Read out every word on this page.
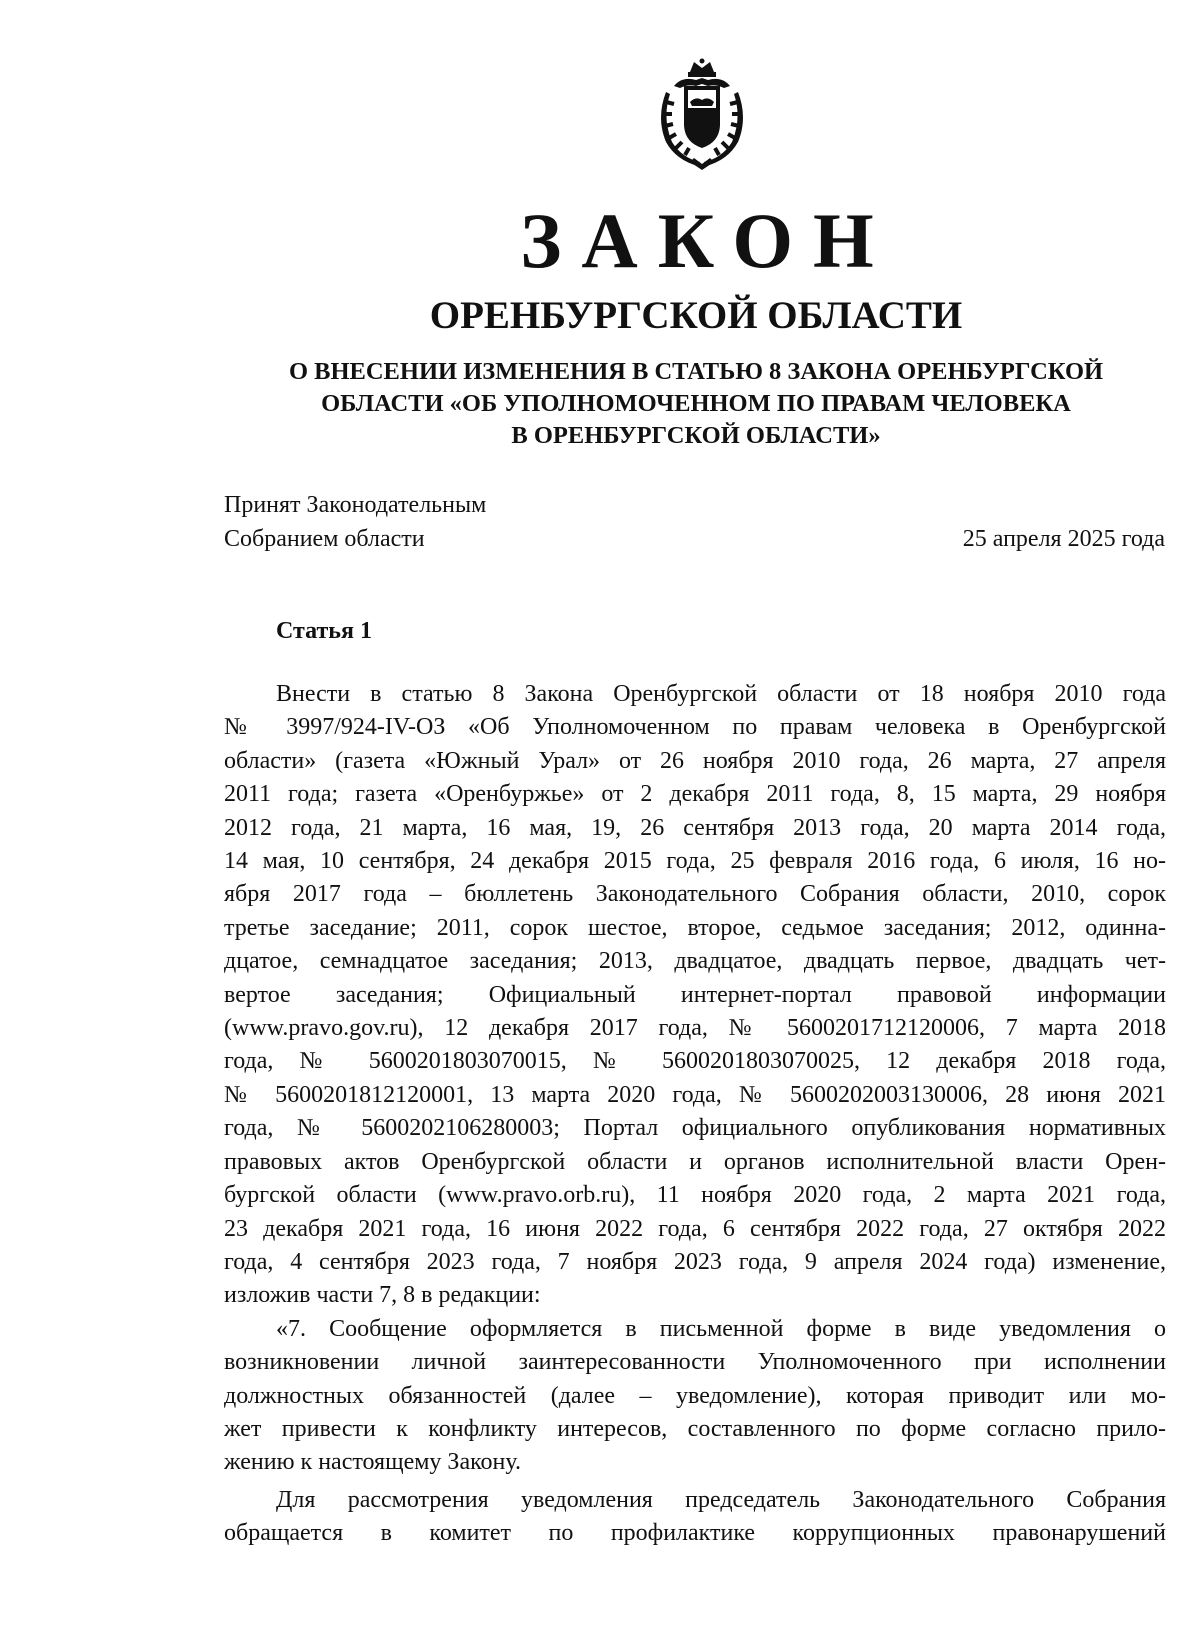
ЗАКОН
ОРЕНБУРГСКОЙ ОБЛАСТИ
О ВНЕСЕНИИ ИЗМЕНЕНИЯ В СТАТЬЮ 8 ЗАКОНА ОРЕНБУРГСКОЙ
ОБЛАСТИ «ОБ УПОЛНОМОЧЕННОМ ПО ПРАВАМ ЧЕЛОВЕКА
В ОРЕНБУРГСКОЙ ОБЛАСТИ»
Принят Законодательным
Собранием области	25 апреля 2025 года
Статья 1
Внести в статью 8 Закона Оренбургской области от 18 ноября 2010 года
№ 3997/924-IV-ОЗ «Об Уполномоченном по правам человека в Оренбургской
области» (газета «Южный Урал» от 26 ноября 2010 года, 26 марта, 27 апреля
2011 года; газета «Оренбуржье» от 2 декабря 2011 года, 8, 15 марта, 29 ноября
2012 года, 21 марта, 16 мая, 19, 26 сентября 2013 года, 20 марта 2014 года,
14 мая, 10 сентября, 24 декабря 2015 года, 25 февраля 2016 года, 6 июля, 16 но-
ября 2017 года – бюллетень Законодательного Собрания области, 2010, сорок
третье заседание; 2011, сорок шестое, второе, седьмое заседания; 2012, одинна-
дцатое, семнадцатое заседания; 2013, двадцатое, двадцать первое, двадцать чет-
вертое заседания; Официальный интернет-портал правовой информации
(www.pravo.gov.ru), 12 декабря 2017 года, № 5600201712120006, 7 марта 2018
года, № 5600201803070015, № 5600201803070025, 12 декабря 2018 года,
№ 5600201812120001, 13 марта 2020 года, № 5600202003130006, 28 июня 2021
года, № 5600202106280003; Портал официального опубликования нормативных
правовых актов Оренбургской области и органов исполнительной власти Орен-
бургской области (www.pravo.orb.ru), 11 ноября 2020 года, 2 марта 2021 года,
23 декабря 2021 года, 16 июня 2022 года, 6 сентября 2022 года, 27 октября 2022
года, 4 сентября 2023 года, 7 ноября 2023 года, 9 апреля 2024 года) изменение,
изложив части 7, 8 в редакции:
«7. Сообщение оформляется в письменной форме в виде уведомления о
возникновении личной заинтересованности Уполномоченного при исполнении
должностных обязанностей (далее – уведомление), которая приводит или мо-
жет привести к конфликту интересов, составленного по форме согласно прило-
жению к настоящему Закону.
Для рассмотрения уведомления председатель Законодательного Собрания
обращается в комитет по профилактике коррупционных правонарушений
